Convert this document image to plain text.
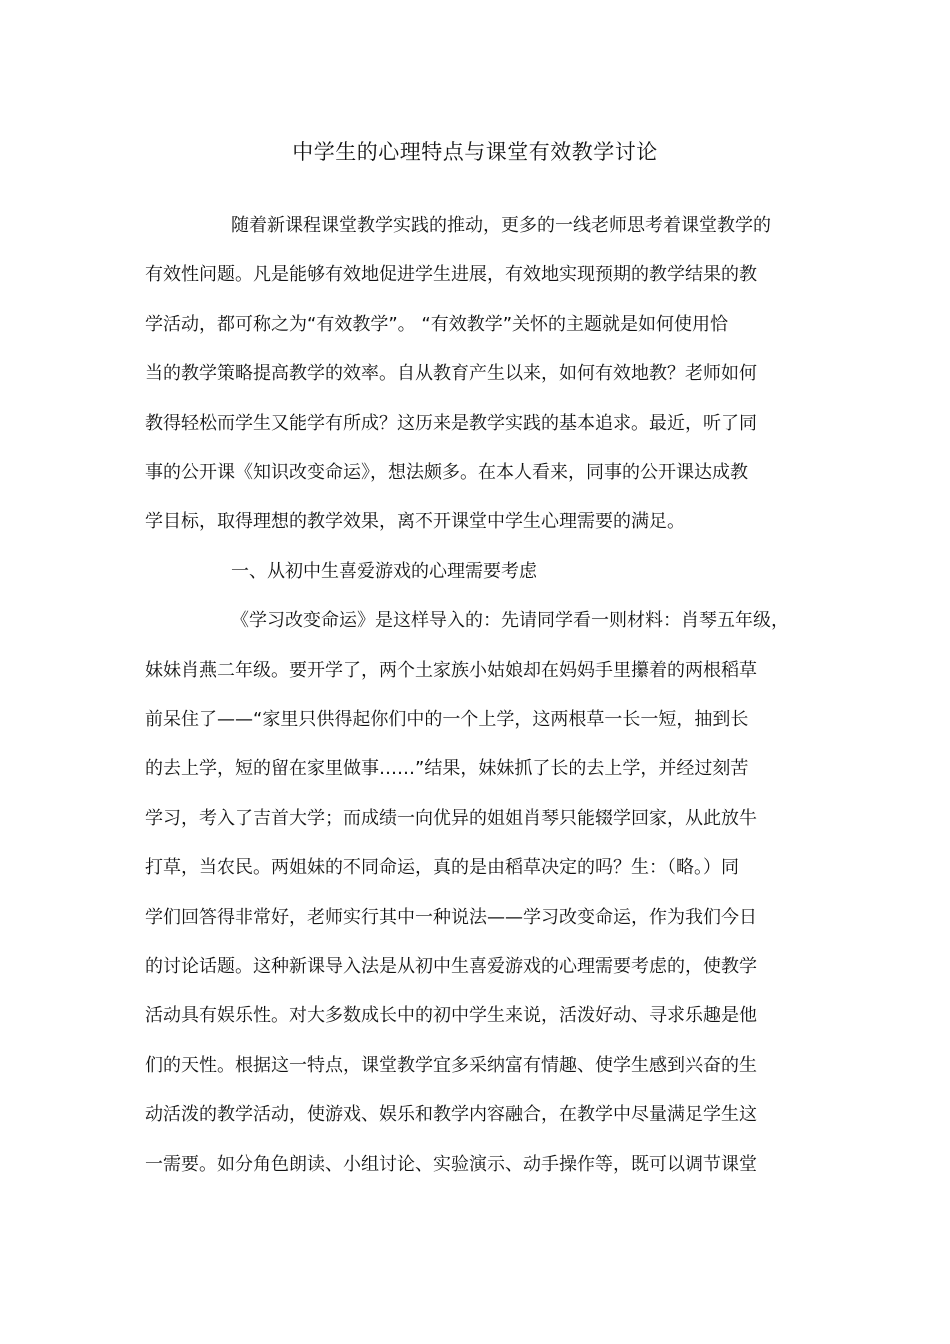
中学生的心理特点与课堂有效教学讨论

随着新课程课堂教学实践的推动，更多的一线老师思考着课堂教学的

有效性问题。凡是能够有效地促进学生进展，有效地实现预期的教学结果的教

学活动，都可称之为“有效教学”。 “有效教学”关怀的主题就是如何使用恰

当的教学策略提高教学的效率。自从教育产生以来，如何有效地教？老师如何

教得轻松而学生又能学有所成？这历来是教学实践的基本追求。最近，听了同

事的公开课《知识改变命运》，想法颇多。在本人看来，同事的公开课达成教

学目标，取得理想的教学效果，离不开课堂中学生心理需要的满足。

一、从初中生喜爱游戏的心理需要考虑

《学习改变命运》是这样导入的：先请同学看一则材料：肖琴五年级，

妹妹肖燕二年级。要开学了，两个土家族小姑娘却在妈妈手里攥着的两根稻草

前呆住了——“家里只供得起你们中的一个上学，这两根草一长一短，抽到长

的去上学，短的留在家里做事……”结果，妹妹抓了长的去上学，并经过刻苦

学习，考入了吉首大学；而成绩一向优异的姐姐肖琴只能辍学回家，从此放牛

打草，当农民。两姐妹的不同命运，真的是由稻草决定的吗？生：（略。）同

学们回答得非常好，老师实行其中一种说法——学习改变命运，作为我们今日

的讨论话题。这种新课导入法是从初中生喜爱游戏的心理需要考虑的，使教学

活动具有娱乐性。对大多数成长中的初中学生来说，活泼好动、寻求乐趣是他

们的天性。根据这一特点，课堂教学宜多采纳富有情趣、使学生感到兴奋的生

动活泼的教学活动，使游戏、娱乐和教学内容融合，在教学中尽量满足学生这

一需要。如分角色朗读、小组讨论、实验演示、动手操作等，既可以调节课堂
